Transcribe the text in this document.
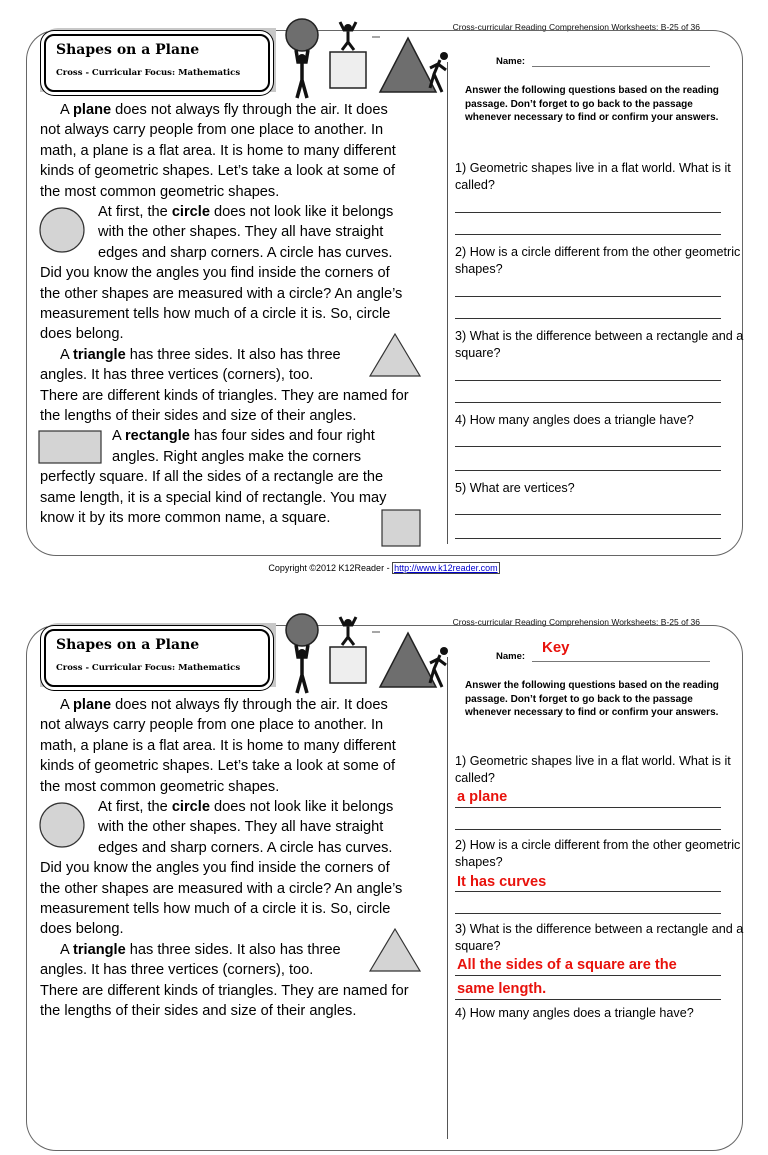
Cross-curricular Reading Comprehension Worksheets: B-25 of 36
Shapes on a Plane
Cross - Curricular Focus: Mathematics
A plane does not always fly through the air. It does
not always carry people from one place to another. In
math, a plane is a flat area. It is home to many different
kinds of geometric shapes. Let’s take a look at some of
the most common geometric shapes.
At first, the circle does not look like it belongs
with the other shapes. They all have straight
edges and sharp corners. A circle has curves.
Did you know the angles you find inside the corners of
the other shapes are measured with a circle? An angle’s
measurement tells how much of a circle it is. So, circle
does belong.
A triangle has three sides. It also has three
angles. It has three vertices (corners), too.
There are different kinds of triangles. They are named for
the lengths of their sides and size of their angles.
A rectangle has four sides and four right
angles. Right angles make the corners
perfectly square. If all the sides of a rectangle are the
same length, it is a special kind of rectangle. You may
know it by its more common name, a square.
Name:
Answer the following questions based on the reading passage. Don’t forget to go back to the passage whenever necessary to find or confirm your answers.
1) Geometric shapes live in a flat world. What is it called?
2) How is a circle different from the other geometric shapes?
3) What is the difference between a rectangle and a square?
4) How many angles does a triangle have?
5) What are vertices?
Copyright ©2012 K12Reader - http://www.k12reader.com
Cross-curricular Reading Comprehension Worksheets: B-25 of 36
Shapes on a Plane
Cross - Curricular Focus: Mathematics
A plane does not always fly through the air. It does
not always carry people from one place to another. In
math, a plane is a flat area. It is home to many different
kinds of geometric shapes. Let’s take a look at some of
the most common geometric shapes.
At first, the circle does not look like it belongs
with the other shapes. They all have straight
edges and sharp corners. A circle has curves.
Did you know the angles you find inside the corners of
the other shapes are measured with a circle? An angle’s
measurement tells how much of a circle it is. So, circle
does belong.
A triangle has three sides. It also has three
angles. It has three vertices (corners), too.
There are different kinds of triangles. They are named for
the lengths of their sides and size of their angles.
Name:
Key
Answer the following questions based on the reading passage. Don’t forget to go back to the passage whenever necessary to find or confirm your answers.
1) Geometric shapes live in a flat world. What is it called?
a plane
2) How is a circle different from the other geometric shapes?
It has curves
3) What is the difference between a rectangle and a square?
All the sides of a square are the
same length.
4) How many angles does a triangle have?
